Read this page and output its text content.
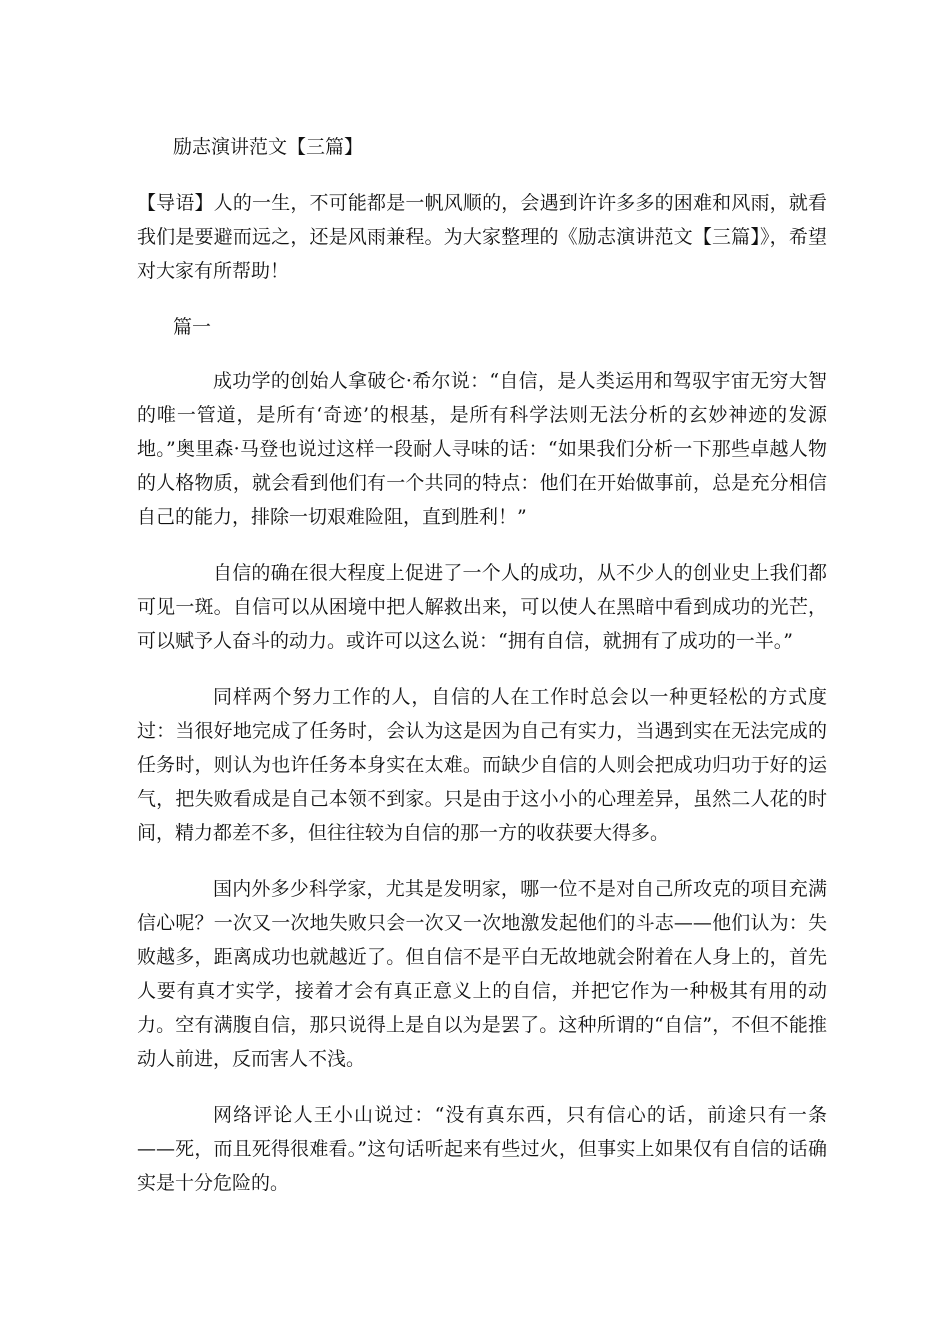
励志演讲范文【三篇】

【导语】人的一生，不可能都是一帆风顺的，会遇到许许多多的困难和风雨，就看我们是要避而远之，还是风雨兼程。为大家整理的《励志演讲范文【三篇】》，希望对大家有所帮助！

篇一

成功学的创始人拿破仑·希尔说：“自信，是人类运用和驾驭宇宙无穷大智的唯一管道，是所有‘奇迹’的根基，是所有科学法则无法分析的玄妙神迹的发源地。”奥里森·马登也说过这样一段耐人寻味的话：“如果我们分析一下那些卓越人物的人格物质，就会看到他们有一个共同的特点：他们在开始做事前，总是充分相信自己的能力，排除一切艰难险阻，直到胜利！”

自信的确在很大程度上促进了一个人的成功，从不少人的创业史上我们都可见一斑。自信可以从困境中把人解救出来，可以使人在黑暗中看到成功的光芒，可以赋予人奋斗的动力。或许可以这么说：“拥有自信，就拥有了成功的一半。”

同样两个努力工作的人，自信的人在工作时总会以一种更轻松的方式度过：当很好地完成了任务时，会认为这是因为自己有实力，当遇到实在无法完成的任务时，则认为也许任务本身实在太难。而缺少自信的人则会把成功归功于好的运气，把失败看成是自己本领不到家。只是由于这小小的心理差异，虽然二人花的时间，精力都差不多，但往往较为自信的那一方的收获要大得多。

国内外多少科学家，尤其是发明家，哪一位不是对自己所攻克的项目充满信心呢？一次又一次地失败只会一次又一次地激发起他们的斗志——他们认为：失败越多，距离成功也就越近了。但自信不是平白无故地就会附着在人身上的，首先人要有真才实学，接着才会有真正意义上的自信，并把它作为一种极其有用的动力。空有满腹自信，那只说得上是自以为是罢了。这种所谓的“自信”，不但不能推动人前进，反而害人不浅。

网络评论人王小山说过：“没有真东西，只有信心的话，前途只有一条——死，而且死得很难看。”这句话听起来有些过火，但事实上如果仅有自信的话确实是十分危险的。
